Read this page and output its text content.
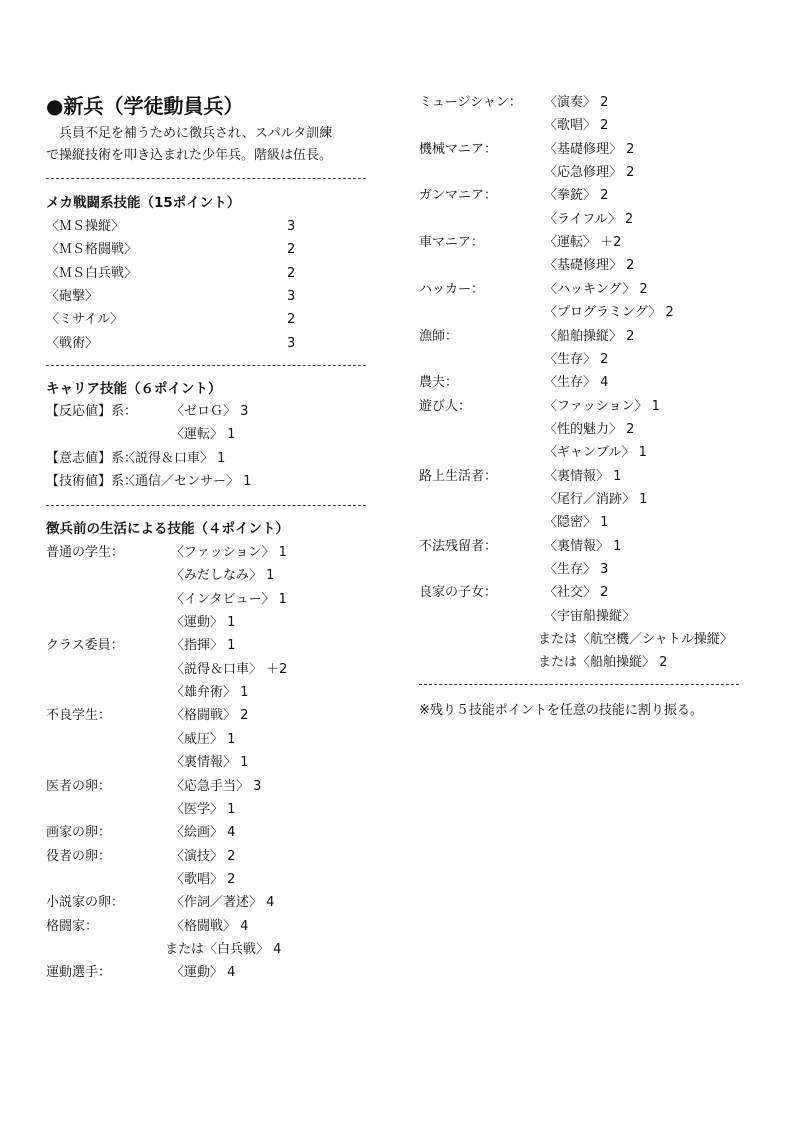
●新兵（学徒動員兵）
　兵員不足を補うために徴兵され、スパルタ訓練
で操縦技術を叩き込まれた少年兵。階級は伍長。
メカ戦闘系技能（15ポイント）
〈ＭＳ操縦〉	3
〈ＭＳ格闘戦〉	2
〈ＭＳ白兵戦〉	2
〈砲撃〉	3
〈ミサイル〉	2
〈戦術〉	3
キャリア技能（６ポイント）
【反応値】系：	〈ゼロＧ〉 3
〈運転〉 1
【意志値】系：
〈説得＆口車〉 1
【技術値】系：
〈通信／センサー〉 1
徴兵前の生活による技能（４ポイント）
普通の学生：	〈ファッション〉 1
〈みだしなみ〉 1
〈インタビュー〉 1
〈運動〉 1
クラス委員：	〈指揮〉 1
〈説得＆口車〉 ＋2
〈雄弁術〉 1
不良学生：	〈格闘戦〉 2
〈威圧〉 1
〈裏情報〉 1
医者の卵：	〈応急手当〉 3
〈医学〉 1
画家の卵：	〈絵画〉 4
役者の卵：	〈演技〉 2
〈歌唱〉 2
小説家の卵：	〈作詞／著述〉 4
格闘家：	〈格闘戦〉 4
または〈白兵戦〉 4
運動選手：	〈運動〉 4
ミュージシャン： 〈演奏〉 2
〈歌唱〉 2
機械マニア：	〈基礎修理〉 2
〈応急修理〉 2
ガンマニア：	〈拳銃〉 2
〈ライフル〉 2
車マニア：	〈運転〉 ＋2
〈基礎修理〉 2
ハッカー：	〈ハッキング〉 2
〈プログラミング〉 2
漁師：	〈船舶操縦〉 2
〈生存〉 2
農夫：	〈生存〉 4
遊び人：	〈ファッション〉 1
〈性的魅力〉 2
〈ギャンブル〉 1
路上生活者：	〈裏情報〉 1
〈尾行／消跡〉 1
〈隠密〉 1
不法残留者：	〈裏情報〉 1
〈生存〉 3
良家の子女：	〈社交〉 2
〈宇宙船操縦〉
または〈航空機／シャトル操縦〉
または〈船舶操縦〉 2
※残り５技能ポイントを任意の技能に割り振る。
